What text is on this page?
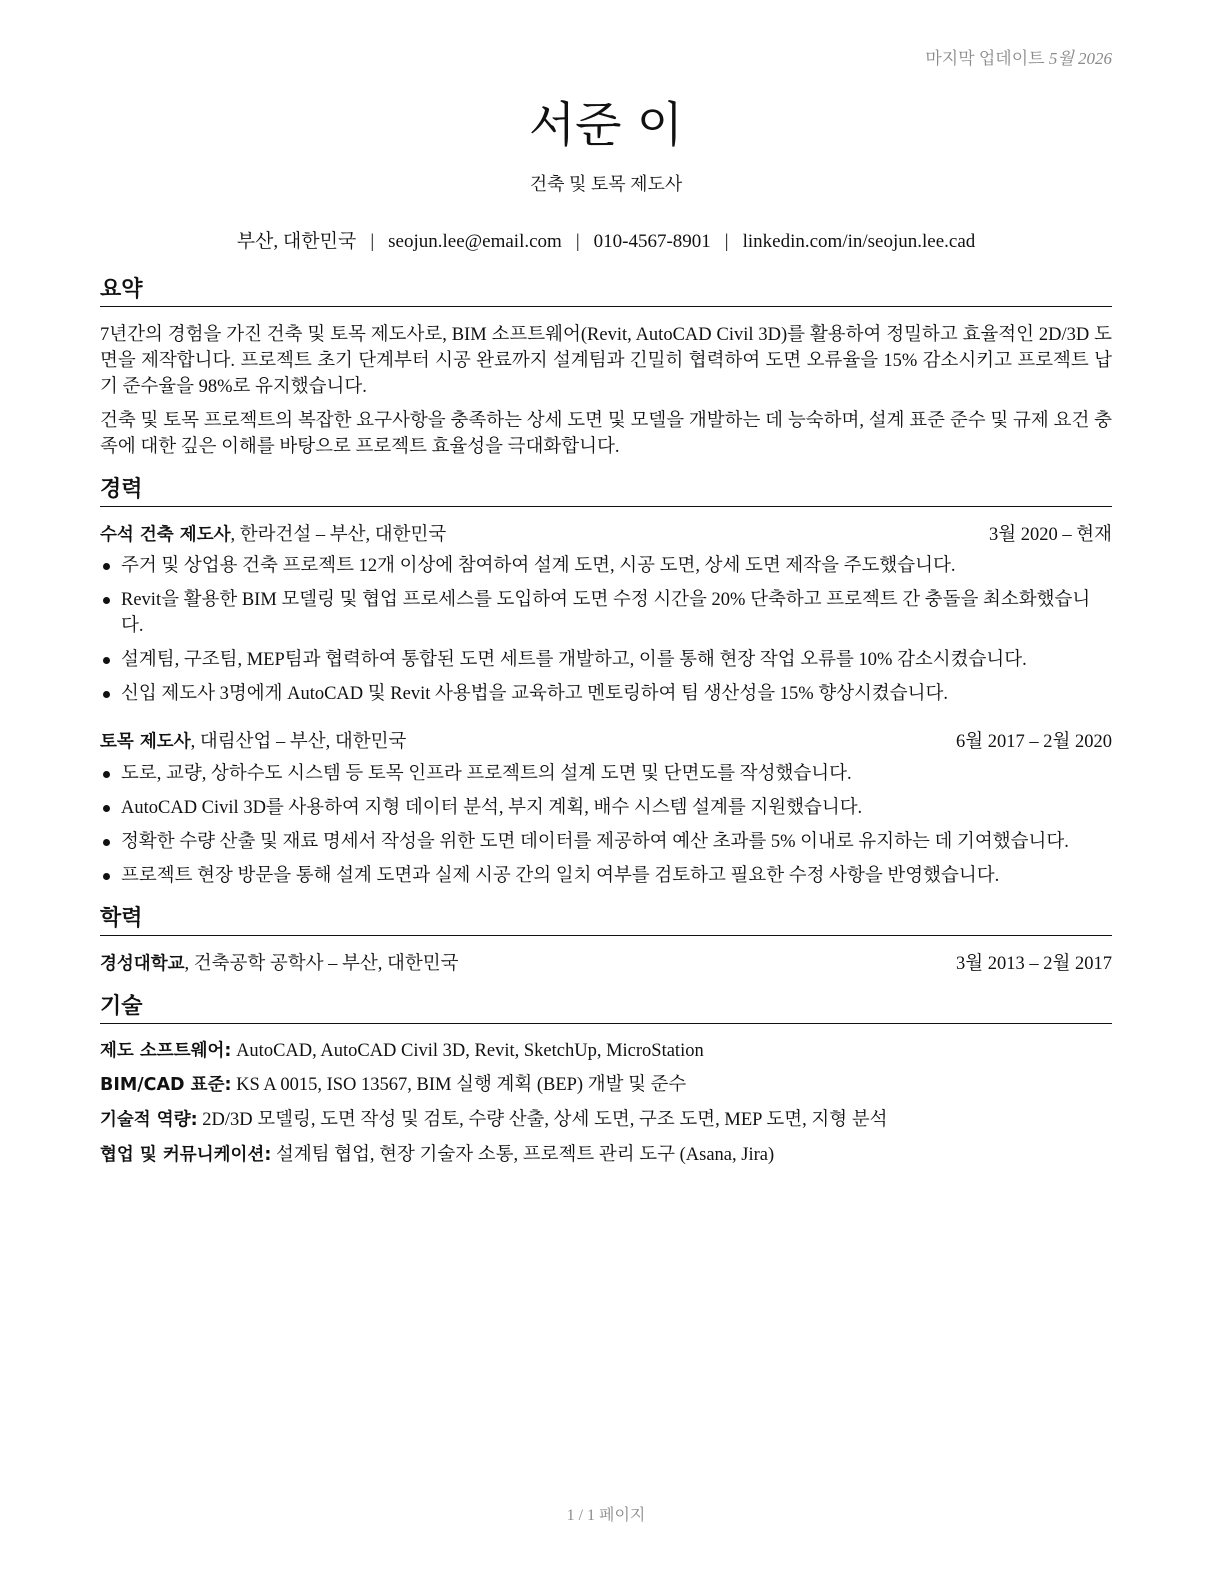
마지막 업데이트 5월 2026
서준 이
건축 및 토목 제도사
부산, 대한민국 | seojun.lee@email.com | 010-4567-8901 | linkedin.com/in/seojun.lee.cad
요약
7년간의 경험을 가진 건축 및 토목 제도사로, BIM 소프트웨어(Revit, AutoCAD Civil 3D)를 활용하여 정밀하고 효율적인 2D/3D 도면을 제작합니다. 프로젝트 초기 단계부터 시공 완료까지 설계팀과 긴밀히 협력하여 도면 오류율을 15% 감소시키고 프로젝트 납기 준수율을 98%로 유지했습니다.
건축 및 토목 프로젝트의 복잡한 요구사항을 충족하는 상세 도면 및 모델을 개발하는 데 능숙하며, 설계 표준 준수 및 규제 요건 충족에 대한 깊은 이해를 바탕으로 프로젝트 효율성을 극대화합니다.
경력
수석 건축 제도사, 한라건설 – 부산, 대한민국	3월 2020 – 현재
주거 및 상업용 건축 프로젝트 12개 이상에 참여하여 설계 도면, 시공 도면, 상세 도면 제작을 주도했습니다.
Revit을 활용한 BIM 모델링 및 협업 프로세스를 도입하여 도면 수정 시간을 20% 단축하고 프로젝트 간 충돌을 최소화했습니다.
설계팀, 구조팀, MEP팀과 협력하여 통합된 도면 세트를 개발하고, 이를 통해 현장 작업 오류를 10% 감소시켰습니다.
신입 제도사 3명에게 AutoCAD 및 Revit 사용법을 교육하고 멘토링하여 팀 생산성을 15% 향상시켰습니다.
토목 제도사, 대림산업 – 부산, 대한민국	6월 2017 – 2월 2020
도로, 교량, 상하수도 시스템 등 토목 인프라 프로젝트의 설계 도면 및 단면도를 작성했습니다.
AutoCAD Civil 3D를 사용하여 지형 데이터 분석, 부지 계획, 배수 시스템 설계를 지원했습니다.
정확한 수량 산출 및 재료 명세서 작성을 위한 도면 데이터를 제공하여 예산 초과를 5% 이내로 유지하는 데 기여했습니다.
프로젝트 현장 방문을 통해 설계 도면과 실제 시공 간의 일치 여부를 검토하고 필요한 수정 사항을 반영했습니다.
학력
경성대학교, 건축공학 공학사 – 부산, 대한민국	3월 2013 – 2월 2017
기술
제도 소프트웨어: AutoCAD, AutoCAD Civil 3D, Revit, SketchUp, MicroStation
BIM/CAD 표준: KS A 0015, ISO 13567, BIM 실행 계획 (BEP) 개발 및 준수
기술적 역량: 2D/3D 모델링, 도면 작성 및 검토, 수량 산출, 상세 도면, 구조 도면, MEP 도면, 지형 분석
협업 및 커뮤니케이션: 설계팀 협업, 현장 기술자 소통, 프로젝트 관리 도구 (Asana, Jira)
1 / 1 페이지
